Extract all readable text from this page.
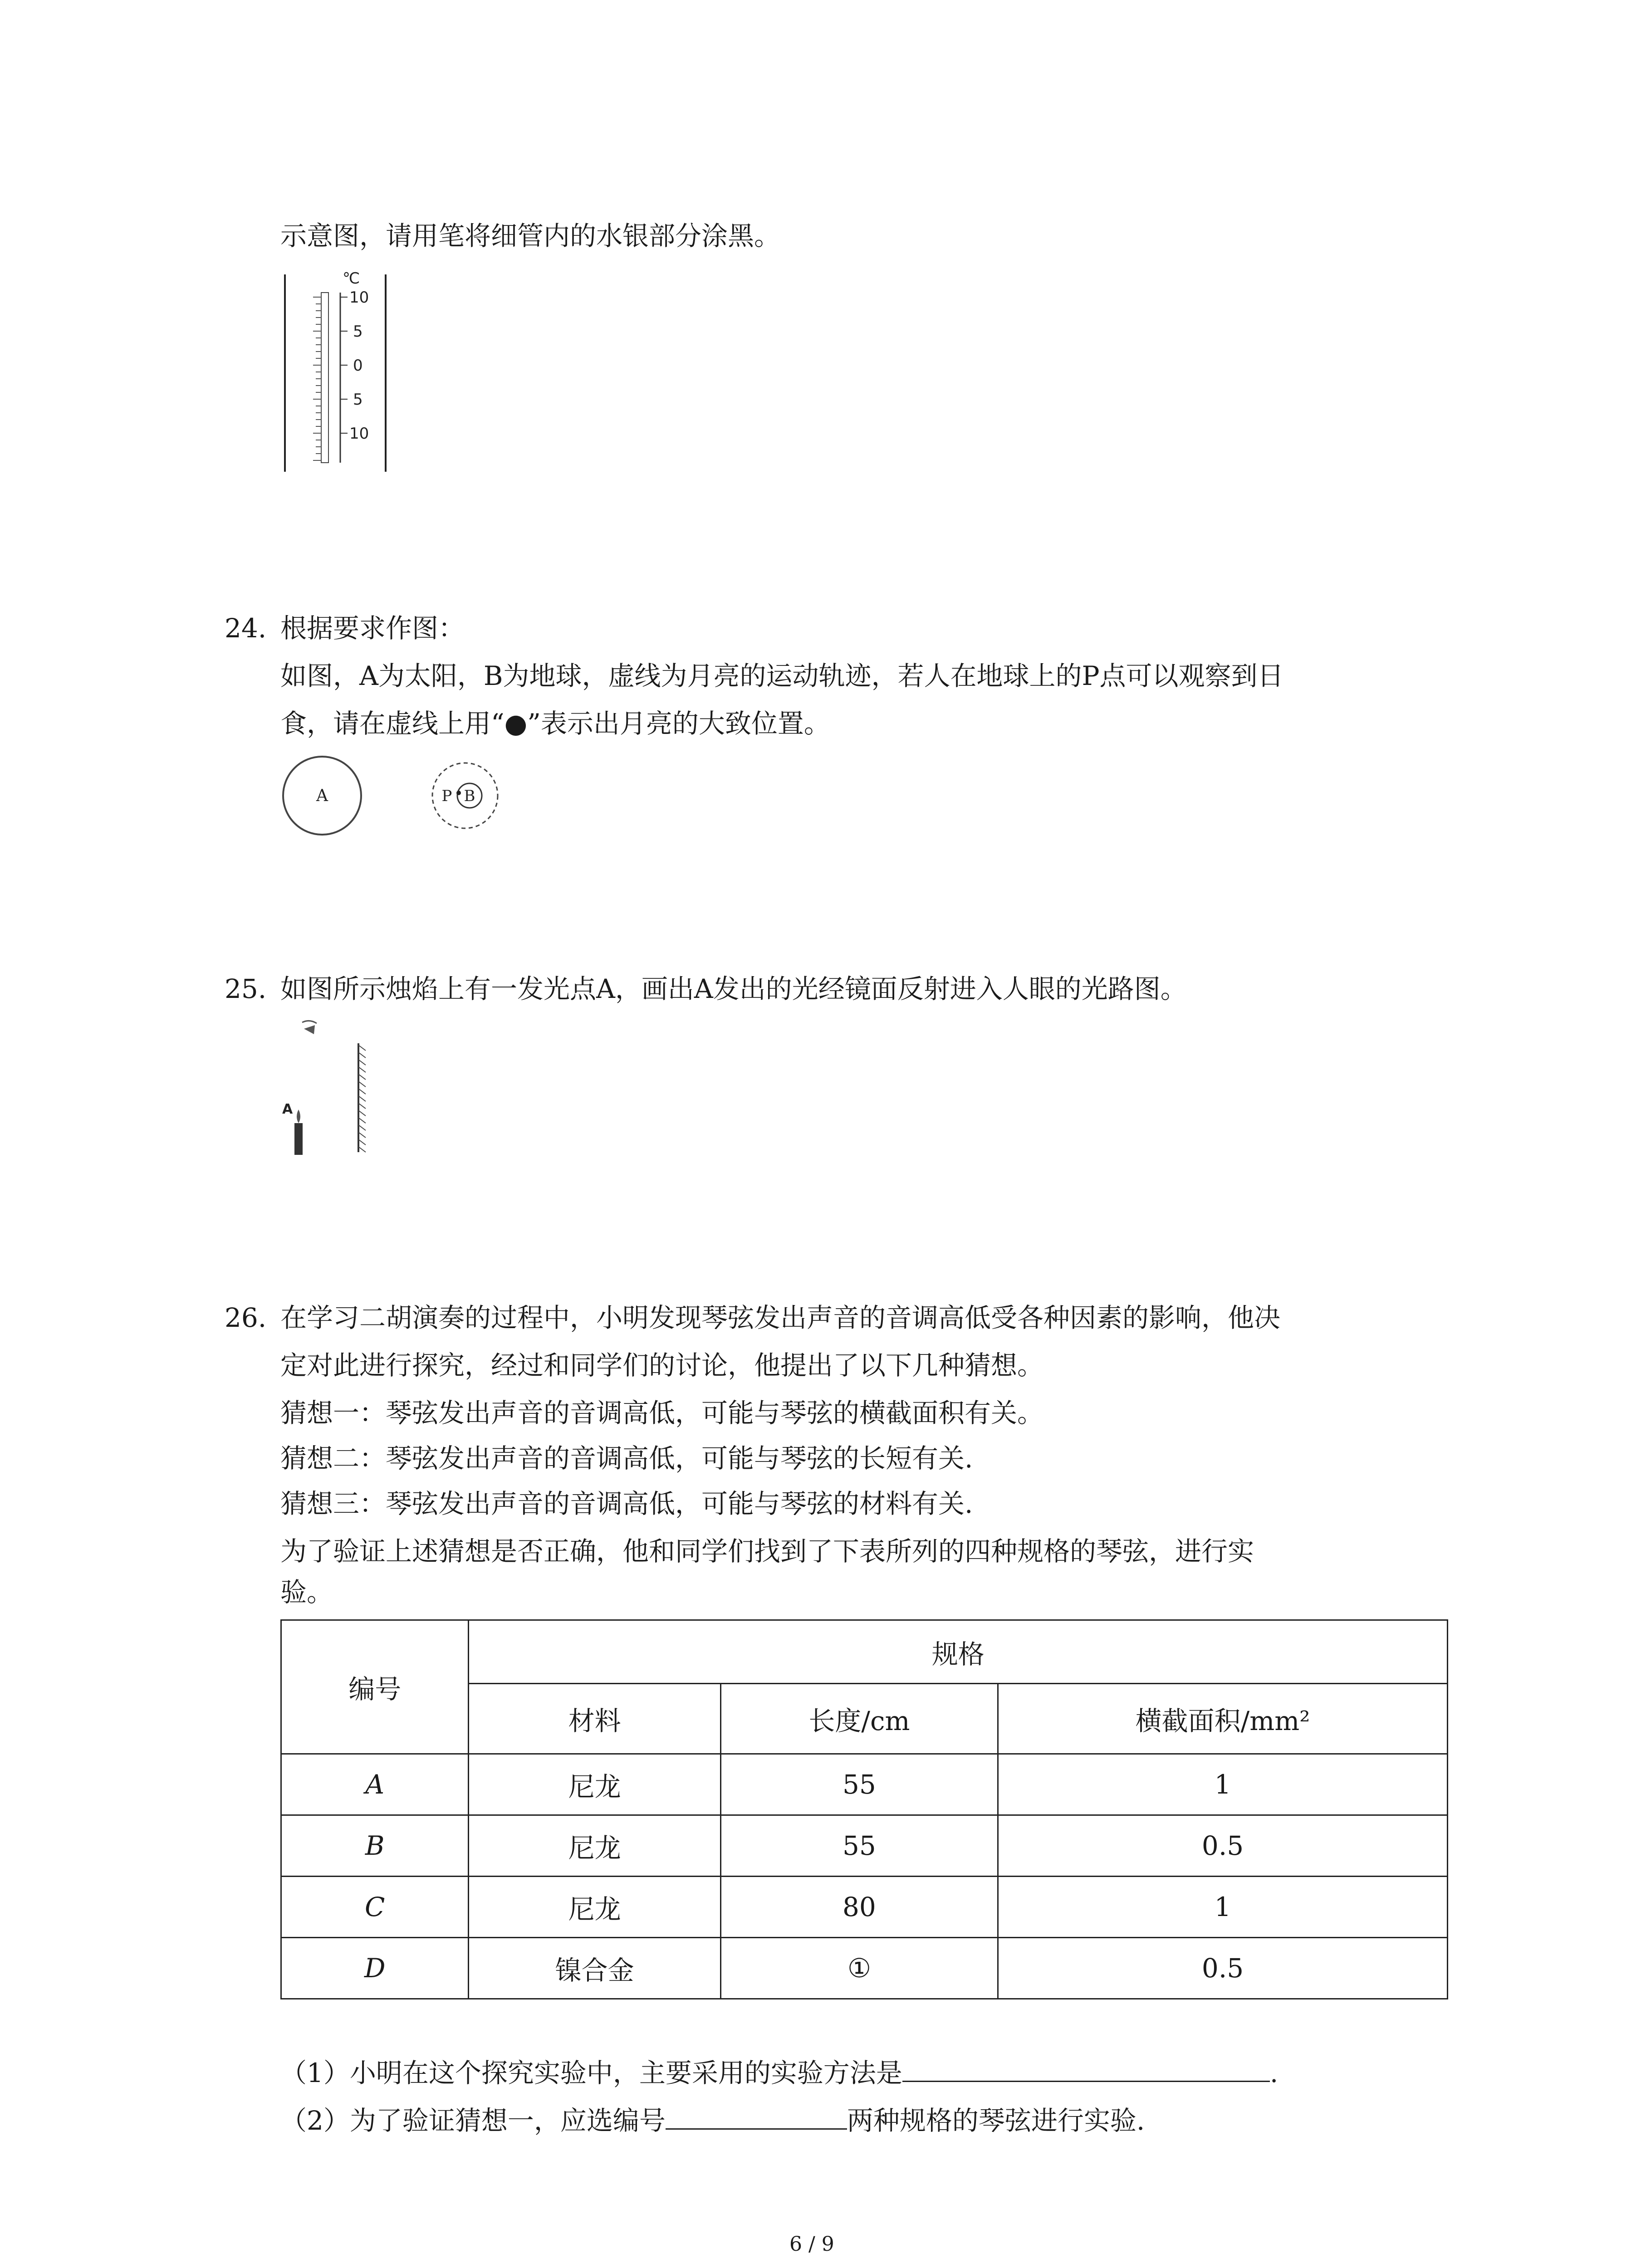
示意图，请用笔将细管内的水银部分涂黑。
℃
10
5
0
5
10
24. 根据要求作图：
如图，A为太阳，B为地球，虚线为月亮的运动轨迹，若人在地球上的P点可以观察到日
食，请在虚线上用“●”表示出月亮的大致位置。
A	B
P
25. 如图所示烛焰上有一发光点A，画出A发出的光经镜面反射进入人眼的光路图。
A
26. 在学习二胡演奏的过程中，小明发现琴弦发出声音的音调高低受各种因素的影响，他决
定对此进行探究，经过和同学们的讨论，他提出了以下几种猜想。
猜想一：琴弦发出声音的音调高低，可能与琴弦的横截面积有关。
猜想二：琴弦发出声音的音调高低，可能与琴弦的长短有关.
猜想三：琴弦发出声音的音调高低，可能与琴弦的材料有关.
为了验证上述猜想是否正确，他和同学们找到了下表所列的四种规格的琴弦，进行实
验。
编号	规格		
	材料	长度/cm	横截面积/mm²
A	尼龙	55	1
B	尼龙	55	0.5
C	尼龙	80	1
D	镍合金	①	0.5
（1）小明在这个探究实验中，主要采用的实验方法是	.
（2）为了验证猜想一，应选编号	两种规格的琴弦进行实验.
6 / 9
